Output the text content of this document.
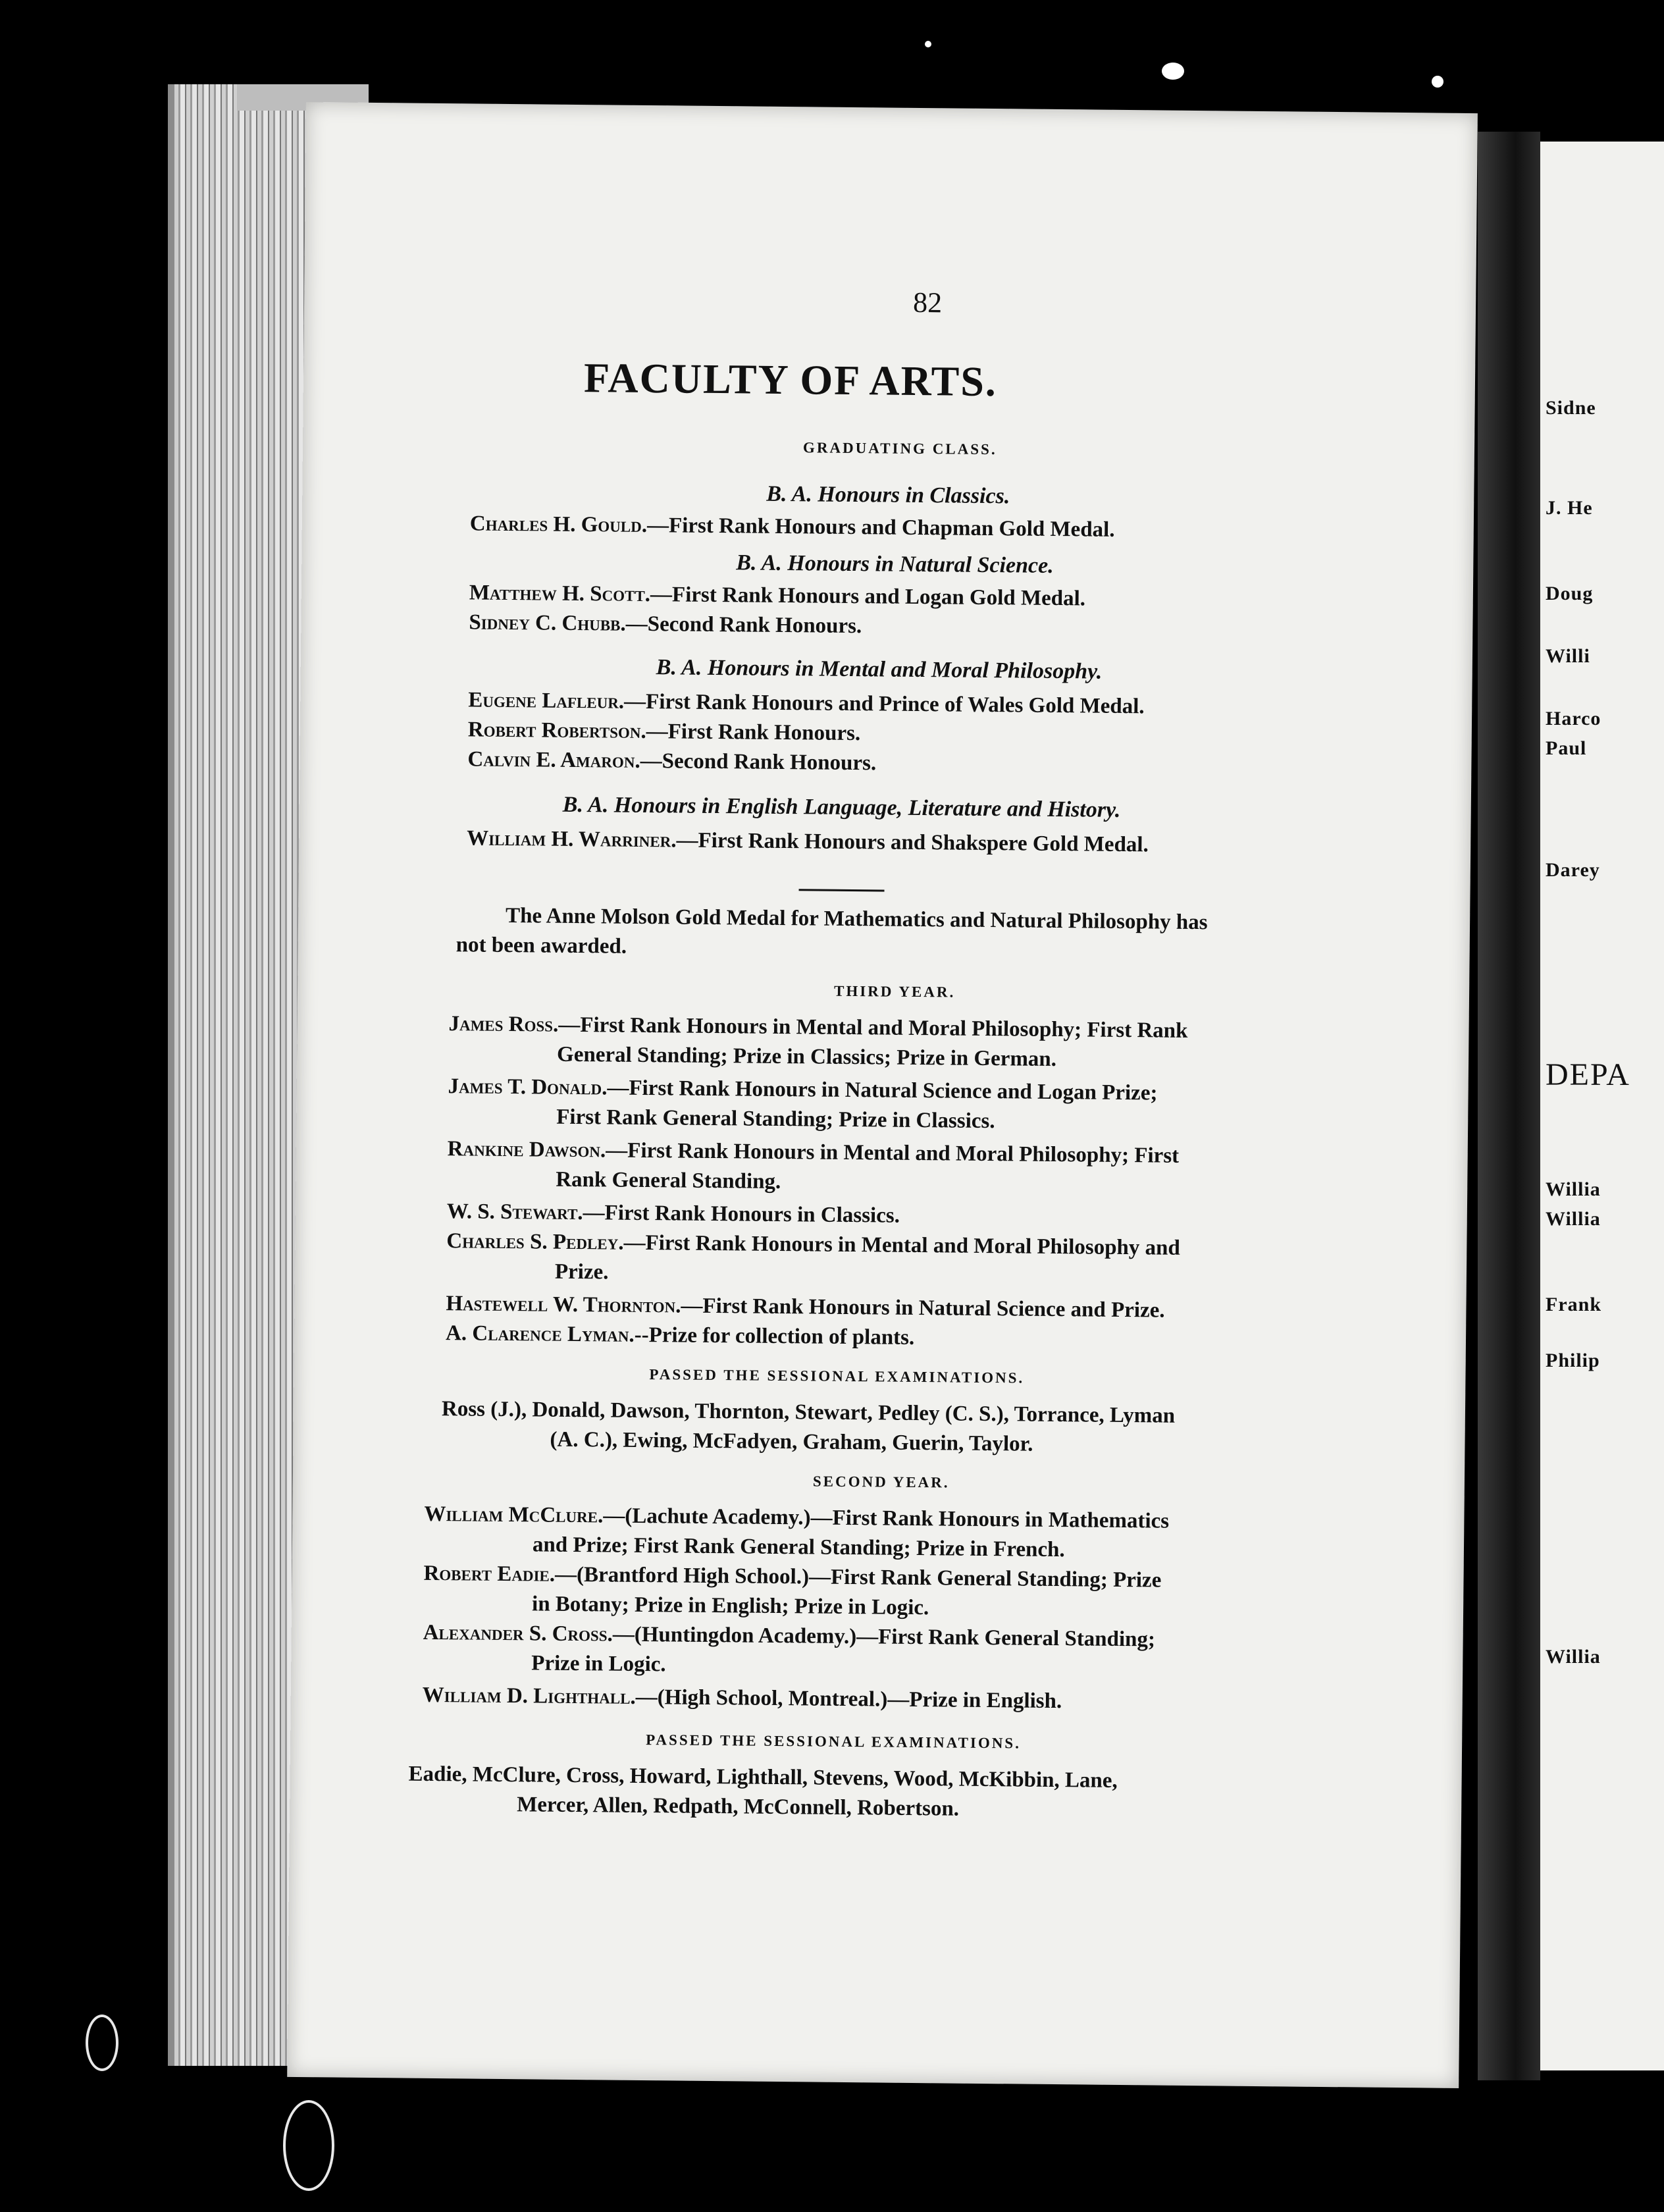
82
FACULTY OF ARTS.
GRADUATING CLASS.
B. A. Honours in Classics.
Charles H. Gould.—First Rank Honours and Chapman Gold Medal.
B. A. Honours in Natural Science.
Matthew H. Scott.—First Rank Honours and Logan Gold Medal.
Sidney C. Chubb.—Second Rank Honours.
B. A. Honours in Mental and Moral Philosophy.
Eugene Lafleur.—First Rank Honours and Prince of Wales Gold Medal.
Robert Robertson.—First Rank Honours.
Calvin E. Amaron.—Second Rank Honours.
B. A. Honours in English Language, Literature and History.
William H. Warriner.—First Rank Honours and Shakspere Gold Medal.
The Anne Molson Gold Medal for Mathematics and Natural Philosophy has
not been awarded.
THIRD YEAR.
James Ross.—First Rank Honours in Mental and Moral Philosophy; First Rank
General Standing; Prize in Classics; Prize in German.
James T. Donald.—First Rank Honours in Natural Science and Logan Prize;
First Rank General Standing; Prize in Classics.
Rankine Dawson.—First Rank Honours in Mental and Moral Philosophy; First
Rank General Standing.
W. S. Stewart.—First Rank Honours in Classics.
Charles S. Pedley.—First Rank Honours in Mental and Moral Philosophy and
Prize.
Hastewell W. Thornton.—First Rank Honours in Natural Science and Prize.
A. Clarence Lyman.--Prize for collection of plants.
PASSED THE SESSIONAL EXAMINATIONS.
Ross (J.), Donald, Dawson, Thornton, Stewart, Pedley (C. S.), Torrance, Lyman
(A. C.), Ewing, McFadyen, Graham, Guerin, Taylor.
SECOND YEAR.
William McClure.—(Lachute Academy.)—First Rank Honours in Mathematics
and Prize; First Rank General Standing; Prize in French.
Robert Eadie.—(Brantford High School.)—First Rank General Standing; Prize
in Botany; Prize in English; Prize in Logic.
Alexander S. Cross.—(Huntingdon Academy.)—First Rank General Standing;
Prize in Logic.
William D. Lighthall.—(High School, Montreal.)—Prize in English.
PASSED THE SESSIONAL EXAMINATIONS.
Eadie, McClure, Cross, Howard, Lighthall, Stevens, Wood, McKibbin, Lane,
Mercer, Allen, Redpath, McConnell, Robertson.
Sidne
J. He
Doug
Willi
Harco
Paul
Darey
DEPA
Willia
Willia
Frank
Philip
Willia
